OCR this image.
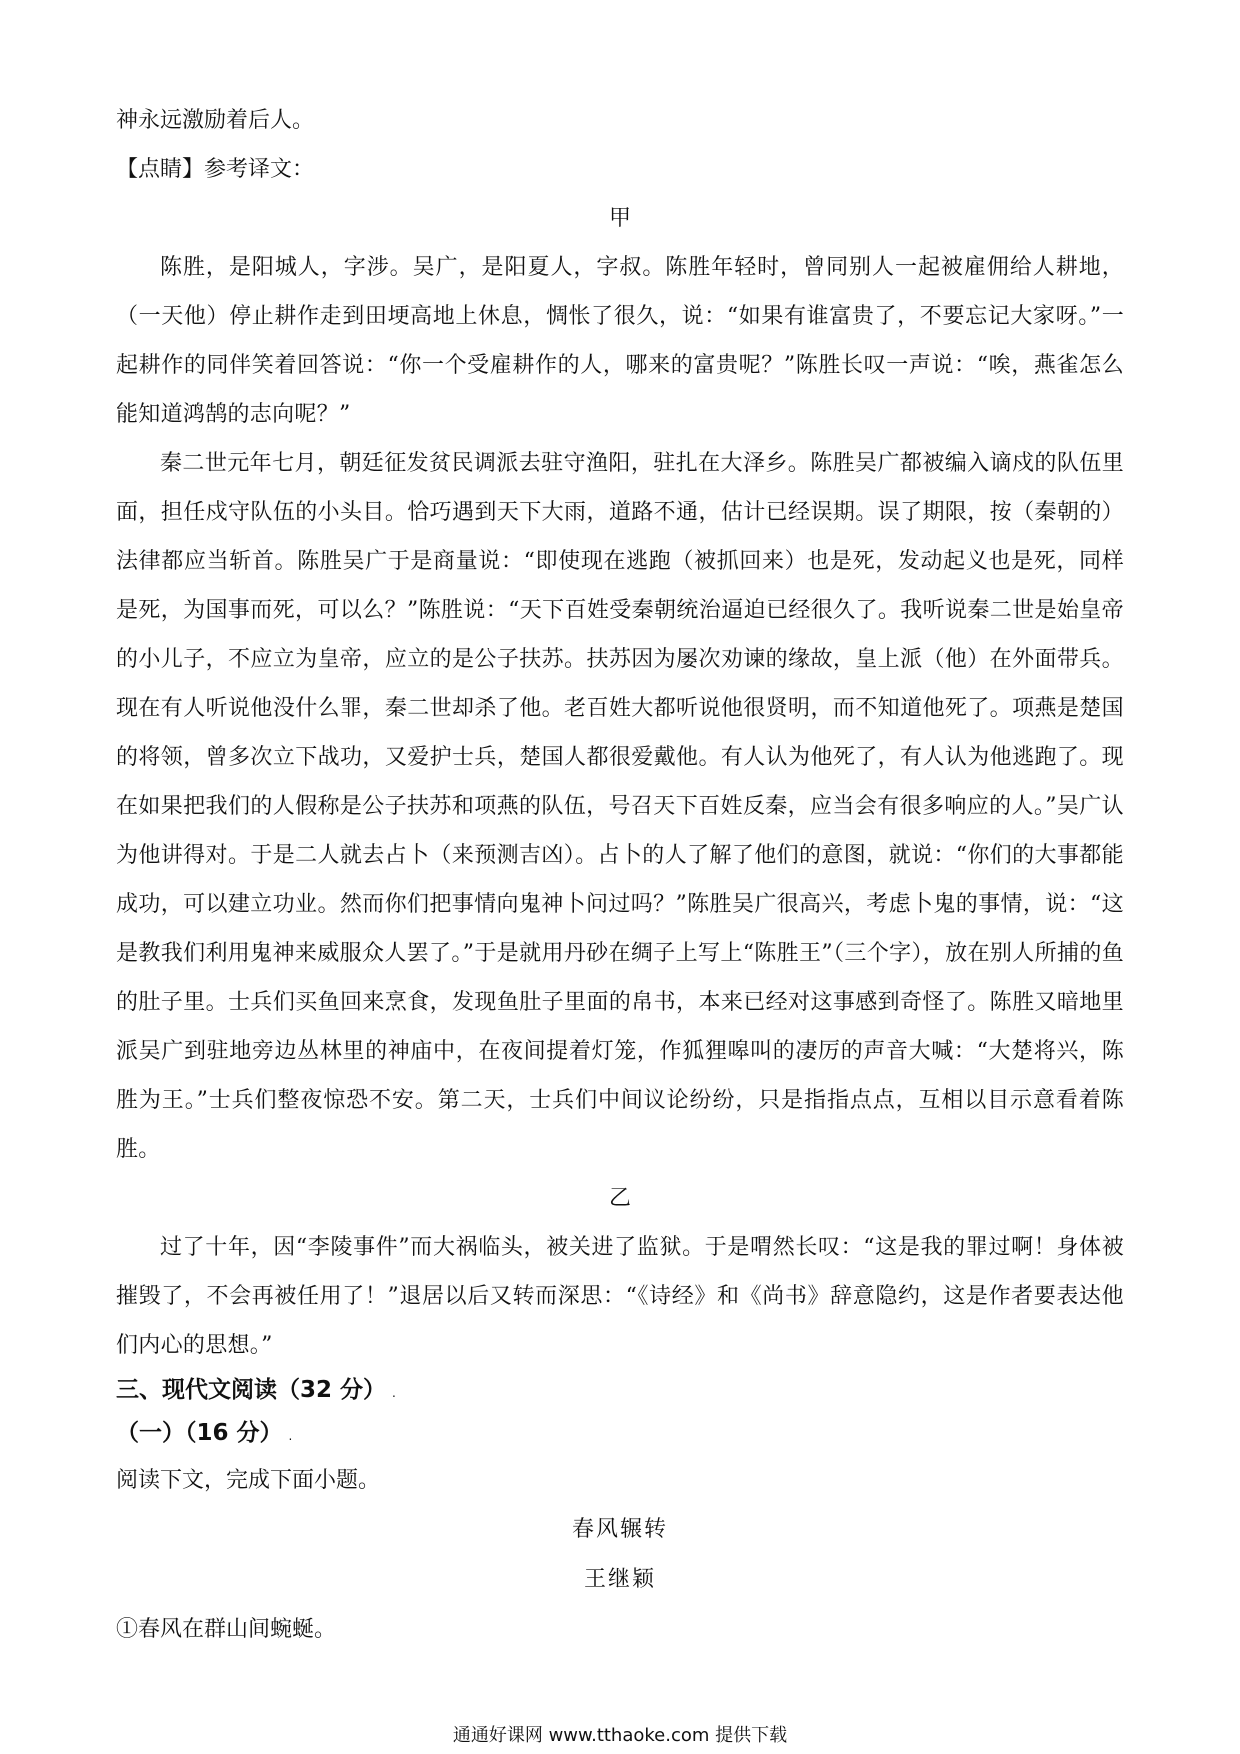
神永远激励着后人。

【点睛】参考译文：

甲

陈胜，是阳城人，字涉。吴广，是阳夏人，字叔。陈胜年轻时，曾同别人一起被雇佣给人耕地，（一天他）停止耕作走到田埂高地上休息，惆怅了很久，说：“如果有谁富贵了，不要忘记大家呀。”一起耕作的同伴笑着回答说：“你一个受雇耕作的人，哪来的富贵呢？”陈胜长叹一声说：“唉，燕雀怎么能知道鸿鹄的志向呢？”

秦二世元年七月，朝廷征发贫民调派去驻守渔阳，驻扎在大泽乡。陈胜吴广都被编入谪戍的队伍里面，担任戍守队伍的小头目。恰巧遇到天下大雨，道路不通，估计已经误期。误了期限，按（秦朝的）法律都应当斩首。陈胜吴广于是商量说：“即使现在逃跑（被抓回来）也是死，发动起义也是死，同样是死，为国事而死，可以么？”陈胜说：“天下百姓受秦朝统治逼迫已经很久了。我听说秦二世是始皇帝的小儿子，不应立为皇帝，应立的是公子扶苏。扶苏因为屡次劝谏的缘故，皇上派（他）在外面带兵。现在有人听说他没什么罪，秦二世却杀了他。老百姓大都听说他很贤明，而不知道他死了。项燕是楚国的将领，曾多次立下战功，又爱护士兵，楚国人都很爱戴他。有人认为他死了，有人认为他逃跑了。现在如果把我们的人假称是公子扶苏和项燕的队伍，号召天下百姓反秦，应当会有很多响应的人。”吴广认为他讲得对。于是二人就去占卜（来预测吉凶）。占卜的人了解了他们的意图，就说：“你们的大事都能成功，可以建立功业。然而你们把事情向鬼神卜问过吗？”陈胜吴广很高兴，考虑卜鬼的事情，说：“这是教我们利用鬼神来威服众人罢了。”于是就用丹砂在绸子上写上“陈胜王”（三个字），放在别人所捕的鱼的肚子里。士兵们买鱼回来烹食，发现鱼肚子里面的帛书，本来已经对这事感到奇怪了。陈胜又暗地里派吴广到驻地旁边丛林里的神庙中，在夜间提着灯笼，作狐狸嗥叫的凄厉的声音大喊：“大楚将兴，陈胜为王。”士兵们整夜惊恐不安。第二天，士兵们中间议论纷纷，只是指指点点，互相以目示意看着陈胜。

乙

过了十年，因“李陵事件”而大祸临头，被关进了监狱。于是喟然长叹：“这是我的罪过啊！身体被摧毁了，不会再被任用了！”退居以后又转而深思：“《诗经》和《尚书》辞意隐约，这是作者要表达他们内心的思想。”

三、现代文阅读（32 分） .

（一）（16 分） .

阅读下文，完成下面小题。

春风辗转

王继颖

①春风在群山间蜿蜒。

通通好课网 www.tthaoke.com 提供下载
